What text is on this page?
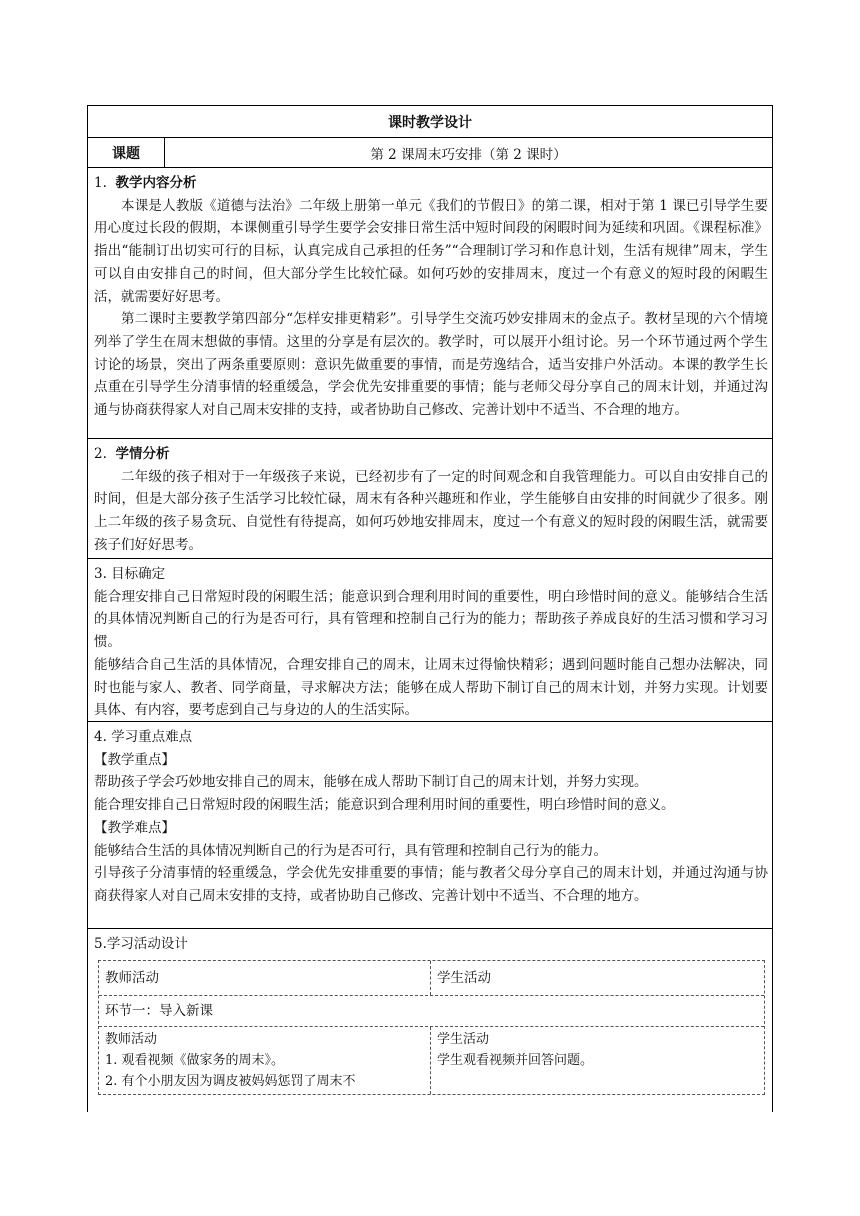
课时教学设计
课题	第 2 课周末巧安排（第 2 课时）
1. 教学内容分析

本课是人教版《道德与法治》二年级上册第一单元《我们的节假日》的第二课，相对于第 1 课已引导学生要用心度过长段的假期，本课侧重引导学生要学会安排日常生活中短时间段的闲暇时间为延续和巩固。《课程标准》指出“能制订出切实可行的目标，认真完成自己承担的任务”“合理制订学习和作息计划，生活有规律”周末，学生可以自由安排自己的时间，但大部分学生比较忙碌。如何巧妙的安排周末，度过一个有意义的短时段的闲暇生活，就需要好好思考。

第二课时主要教学第四部分“怎样安排更精彩”。引导学生交流巧妙安排周末的金点子。教材呈现的六个情境列举了学生在周末想做的事情。这里的分享是有层次的。教学时，可以展开小组讨论。另一个环节通过两个学生讨论的场景，突出了两条重要原则：意识先做重要的事情，而是劳逸结合，适当安排户外活动。本课的教学生长点重在引导学生分清事情的轻重缓急，学会优先安排重要的事情；能与老师父母分享自己的周末计划，并通过沟通与协商获得家人对自己周末安排的支持，或者协助自己修改、完善计划中不适当、不合理的地方。

2. 学情分析

二年级的孩子相对于一年级孩子来说，已经初步有了一定的时间观念和自我管理能力。可以自由安排自己的时间，但是大部分孩子生活学习比较忙碌，周末有各种兴趣班和作业，学生能够自由安排的时间就少了很多。刚上二年级的孩子易贪玩、自觉性有待提高，如何巧妙地安排周末，度过一个有意义的短时段的闲暇生活，就需要孩子们好好思考。

3. 目标确定

能合理安排自己日常短时段的闲暇生活；能意识到合理利用时间的重要性，明白珍惜时间的意义。能够结合生活的具体情况判断自己的行为是否可行，具有管理和控制自己行为的能力；帮助孩子养成良好的生活习惯和学习习惯。

能够结合自己生活的具体情况，合理安排自己的周末，让周末过得愉快精彩；遇到问题时能自己想办法解决，同时也能与家人、教者、同学商量，寻求解决方法；能够在成人帮助下制订自己的周末计划，并努力实现。计划要具体、有内容，要考虑到自己与身边的人的生活实际。

4. 学习重点难点

【教学重点】

帮助孩子学会巧妙地安排自己的周末，能够在成人帮助下制订自己的周末计划，并努力实现。

能合理安排自己日常短时段的闲暇生活；能意识到合理利用时间的重要性，明白珍惜时间的意义。

【教学难点】

能够结合生活的具体情况判断自己的行为是否可行，具有管理和控制自己行为的能力。

引导孩子分清事情的轻重缓急，学会优先安排重要的事情；能与教者父母分享自己的周末计划，并通过沟通与协商获得家人对自己周末安排的支持，或者协助自己修改、完善计划中不适当、不合理的地方。

5.学习活动设计

教师活动	学生活动
环节一：导入新课
教师活动
1. 观看视频《做家务的周末》。
2. 有个小朋友因为调皮被妈妈惩罚了周末不
学生活动
学生观看视频并回答问题。
